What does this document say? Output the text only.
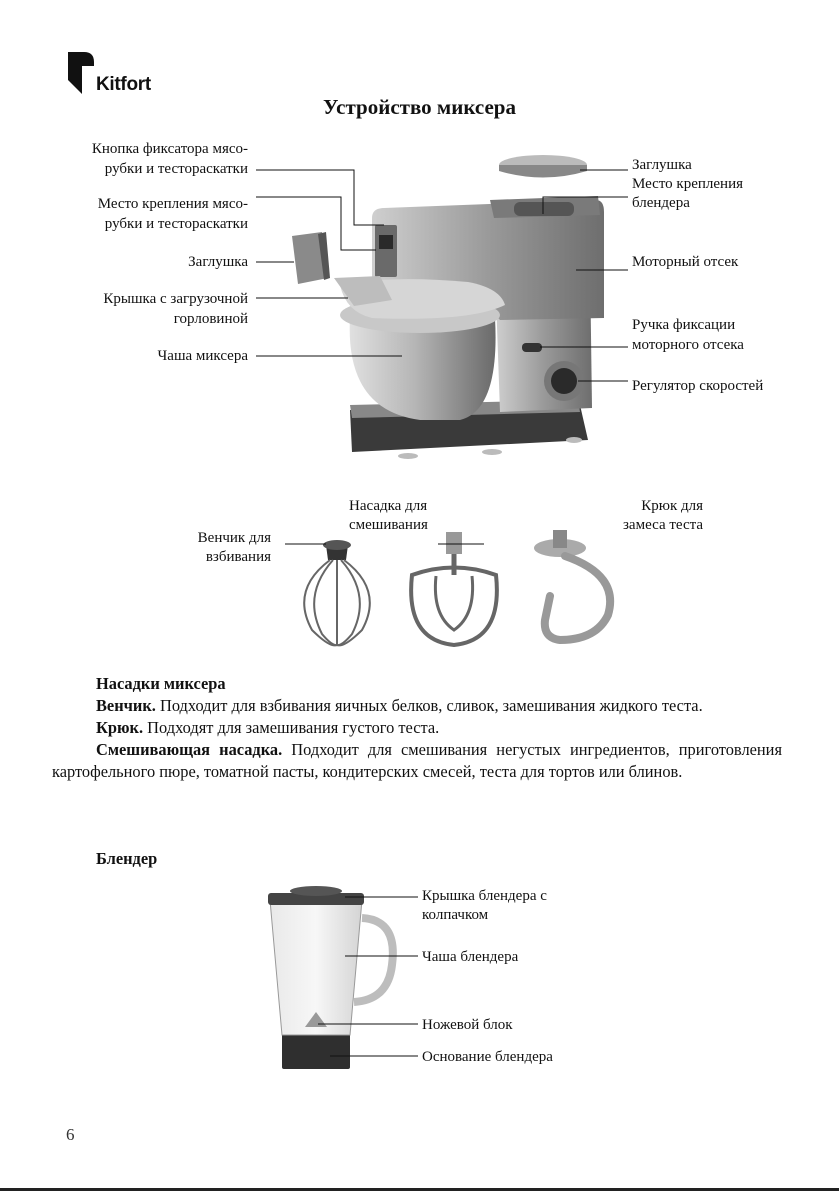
Kitfort
Устройство миксера
Кнопка фиксатора мясо-
рубки и тестораскатки
Место крепления мясо-
рубки и тестораскатки
Заглушка
Крышка с загрузочной
горловиной
Чаша миксера
Заглушка
Место крепления
блендера
Моторный отсек
Ручка фиксации
моторного отсека
Регулятор скоростей
Венчик для
взбивания
Насадка для
смешивания
Крюк для
замеса теста
Насадки миксера
Венчик. Подходит для взбивания яичных белков, сливок, замешивания жидкого теста.
Крюк. Подходят для замешивания густого теста.
Смешивающая насадка. Подходит для смешивания негустых ингредиентов, приготовления картофельного пюре, томатной пасты, кондитерских смесей, теста для тортов или блинов.
Блендер
Крышка блендера с
колпачком
Чаша блендера
Ножевой блок
Основание блендера
6
